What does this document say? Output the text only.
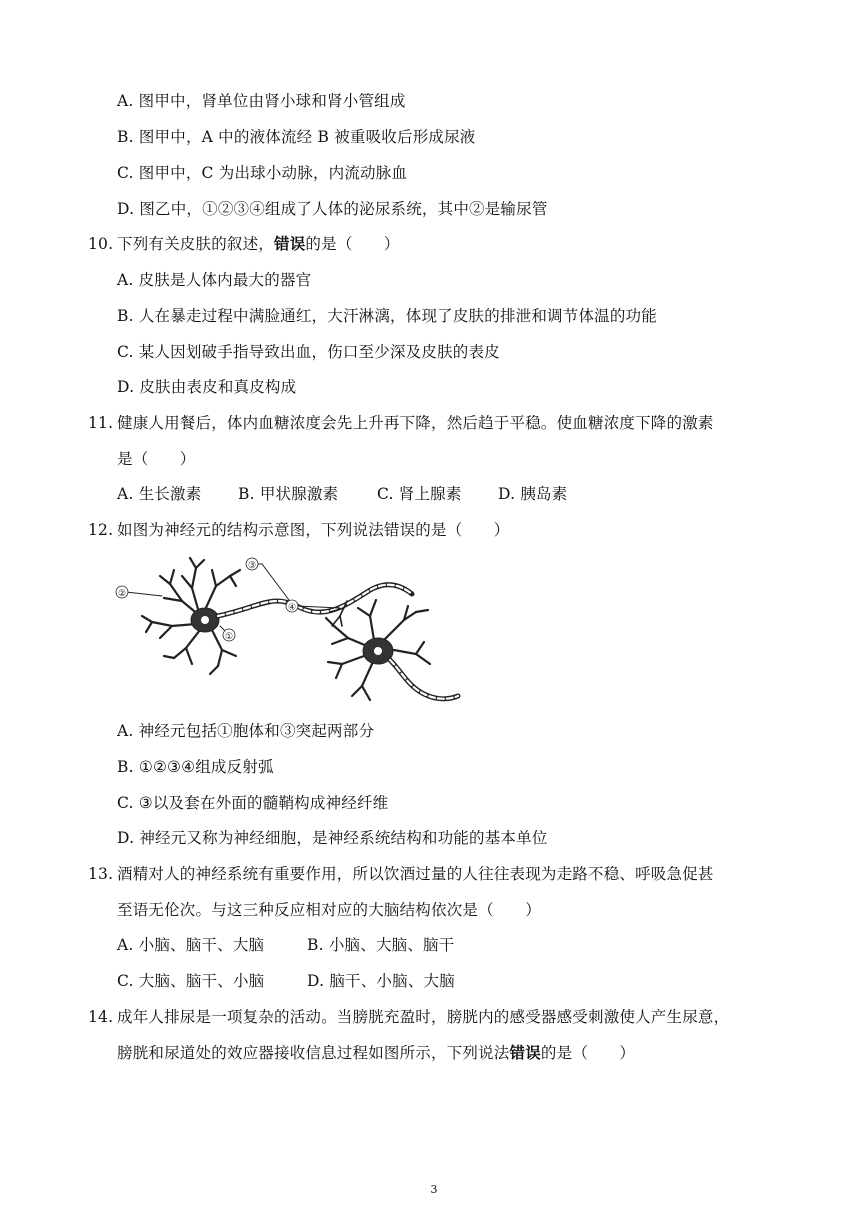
A. 图甲中，肾单位由肾小球和肾小管组成
B. 图甲中，A 中的液体流经 B 被重吸收后形成尿液
C. 图甲中，C 为出球小动脉，内流动脉血
D. 图乙中，①②③④组成了人体的泌尿系统，其中②是输尿管
10. 下列有关皮肤的叙述，错误的是（　　）
A. 皮肤是人体内最大的器官
B. 人在暴走过程中满脸通红，大汗淋漓，体现了皮肤的排泄和调节体温的功能
C. 某人因划破手指导致出血，伤口至少深及皮肤的表皮
D. 皮肤由表皮和真皮构成
11. 健康人用餐后，体内血糖浓度会先上升再下降，然后趋于平稳。使血糖浓度下降的激素
是（　　）
A. 生长激素 B. 甲状腺激素 C. 肾上腺素 D. 胰岛素
12. 如图为神经元的结构示意图，下列说法错误的是（　　）
①
②
③
④
A. 神经元包括①胞体和③突起两部分
B. ①②③④组成反射弧
C. ③以及套在外面的髓鞘构成神经纤维
D. 神经元又称为神经细胞，是神经系统结构和功能的基本单位
13. 酒精对人的神经系统有重要作用，所以饮酒过量的人往往表现为走路不稳、呼吸急促甚
至语无伦次。与这三种反应相对应的大脑结构依次是（　　）
A. 小脑、脑干、大脑	B. 小脑、大脑、脑干
C. 大脑、脑干、小脑	D. 脑干、小脑、大脑
14. 成年人排尿是一项复杂的活动。当膀胱充盈时，膀胱内的感受器感受刺激使人产生尿意，
膀胱和尿道处的效应器接收信息过程如图所示，下列说法错误的是（　　）
3
